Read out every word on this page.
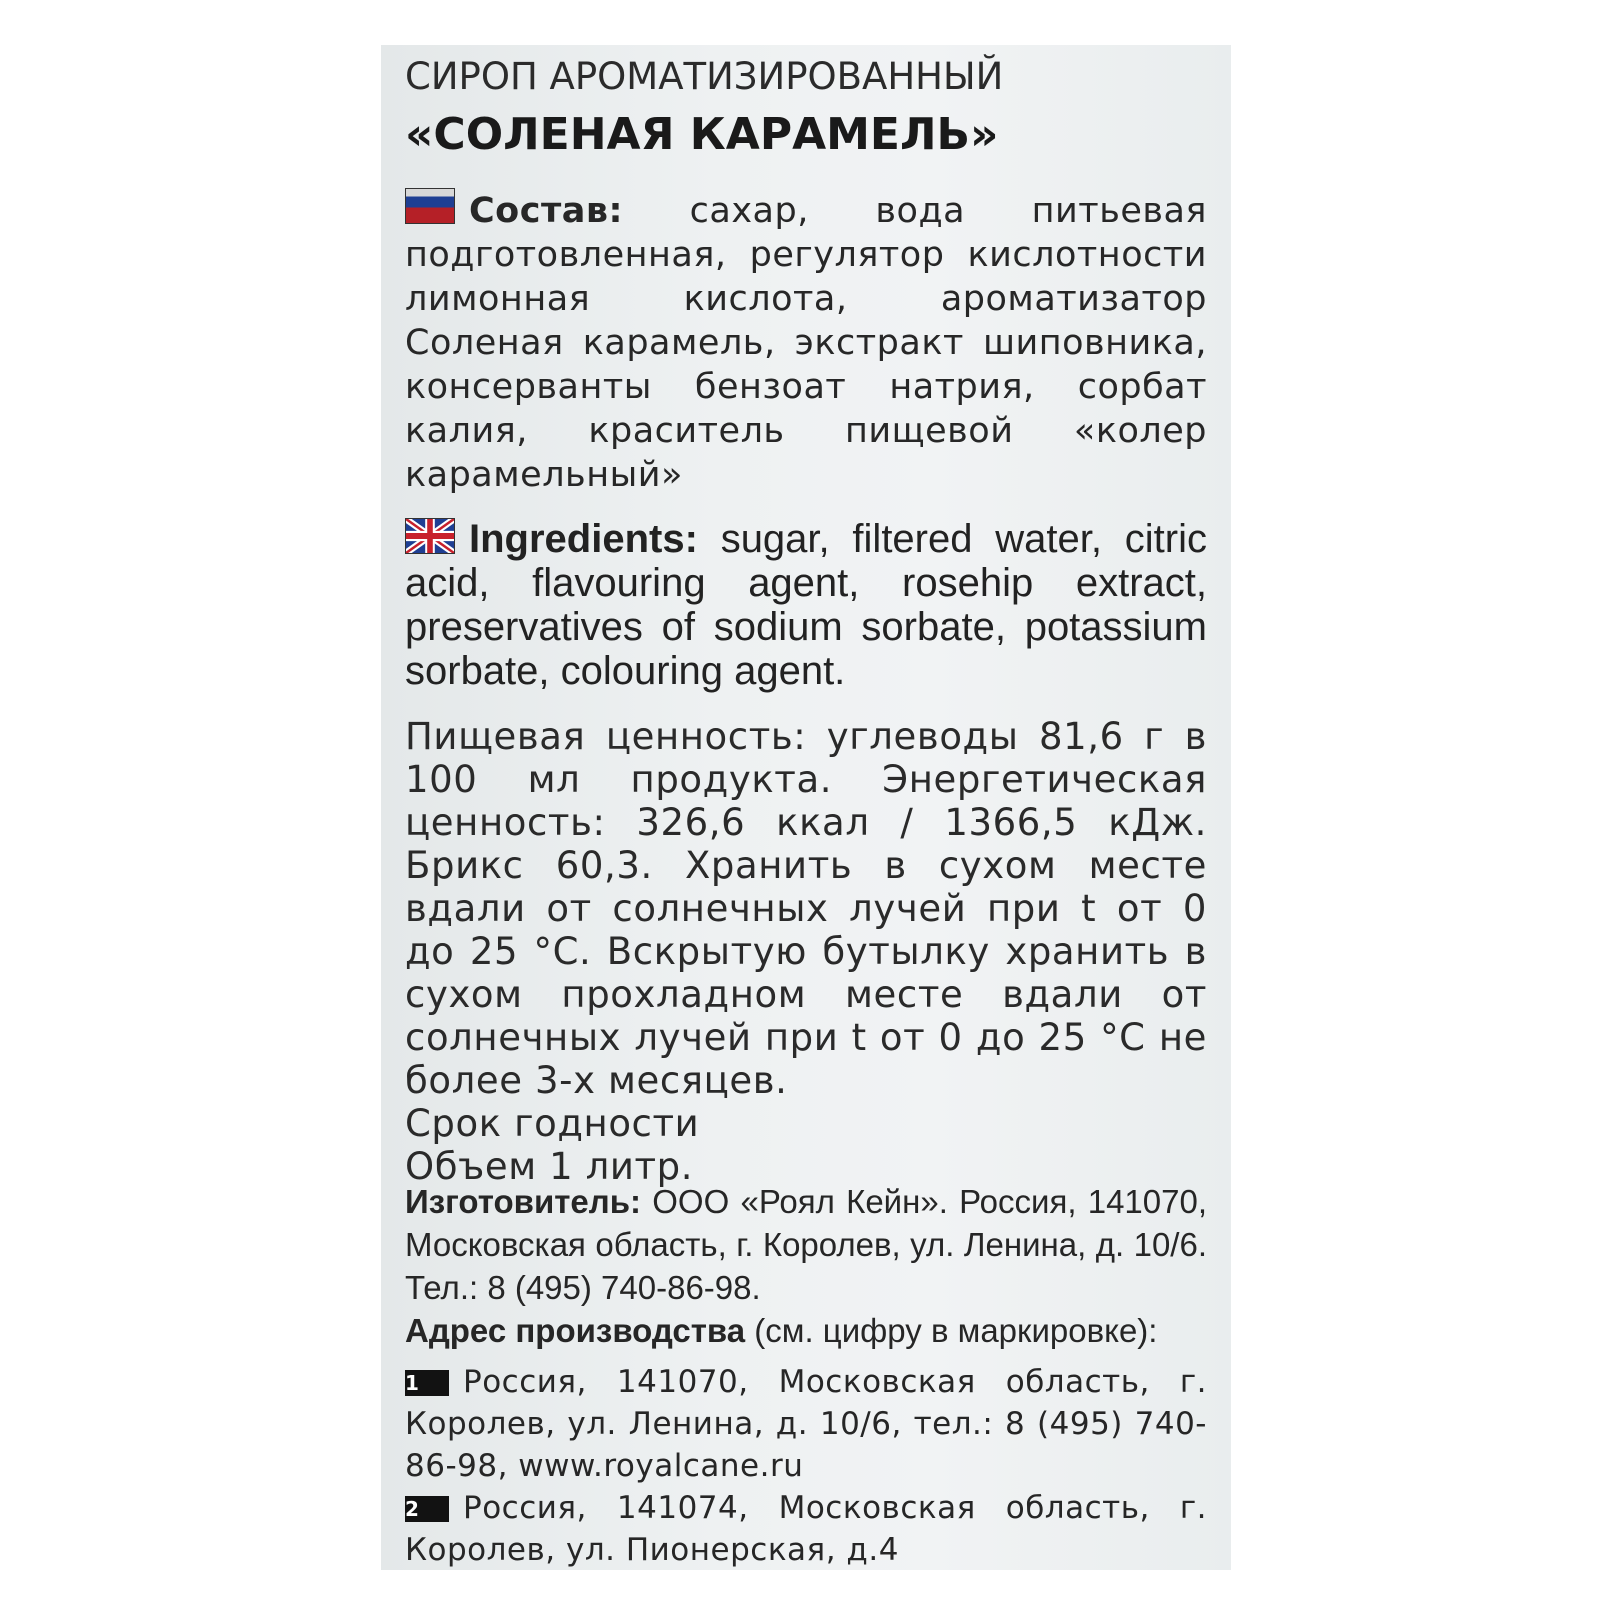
СИРОП АРОМАТИЗИРОВАННЫЙ

«СОЛЕНАЯ КАРАМЕЛЬ»

Состав: сахар, вода питьевая подготовленная, регулятор кислотности лимонная кислота, ароматизатор Соленая карамель, экстракт шиповника, консерванты бензоат натрия, сорбат калия, краситель пищевой «колер карамельный»

Ingredients: sugar, filtered water, citric acid, flavouring agent, rosehip extract, preservatives of sodium sorbate, potassium sorbate, colouring agent.

Пищевая ценность: углеводы 81,6 г в 100 мл продукта. Энергетическая ценность: 326,6 ккал / 1366,5 кДж. Брикс 60,3. Хранить в сухом месте вдали от солнечных лучей при t от 0 до 25 °С. Вскрытую бутылку хранить в сухом прохладном месте вдали от солнечных лучей при t от 0 до 25 °С не более 3-х месяцев.
Срок годности
Объем 1 литр.

Изготовитель: ООО «Роял Кейн». Россия, 141070, Московская область, г. Королев, ул. Ленина, д. 10/6. Тел.: 8 (495) 740-86-98.

Адрес производства (см. цифру в маркировке):

1 Россия, 141070, Московская область, г. Королев, ул. Ленина, д. 10/6, тел.: 8 (495) 740-86-98, www.royalcane.ru

2 Россия, 141074, Московская область, г. Королев, ул. Пионерская, д.4
